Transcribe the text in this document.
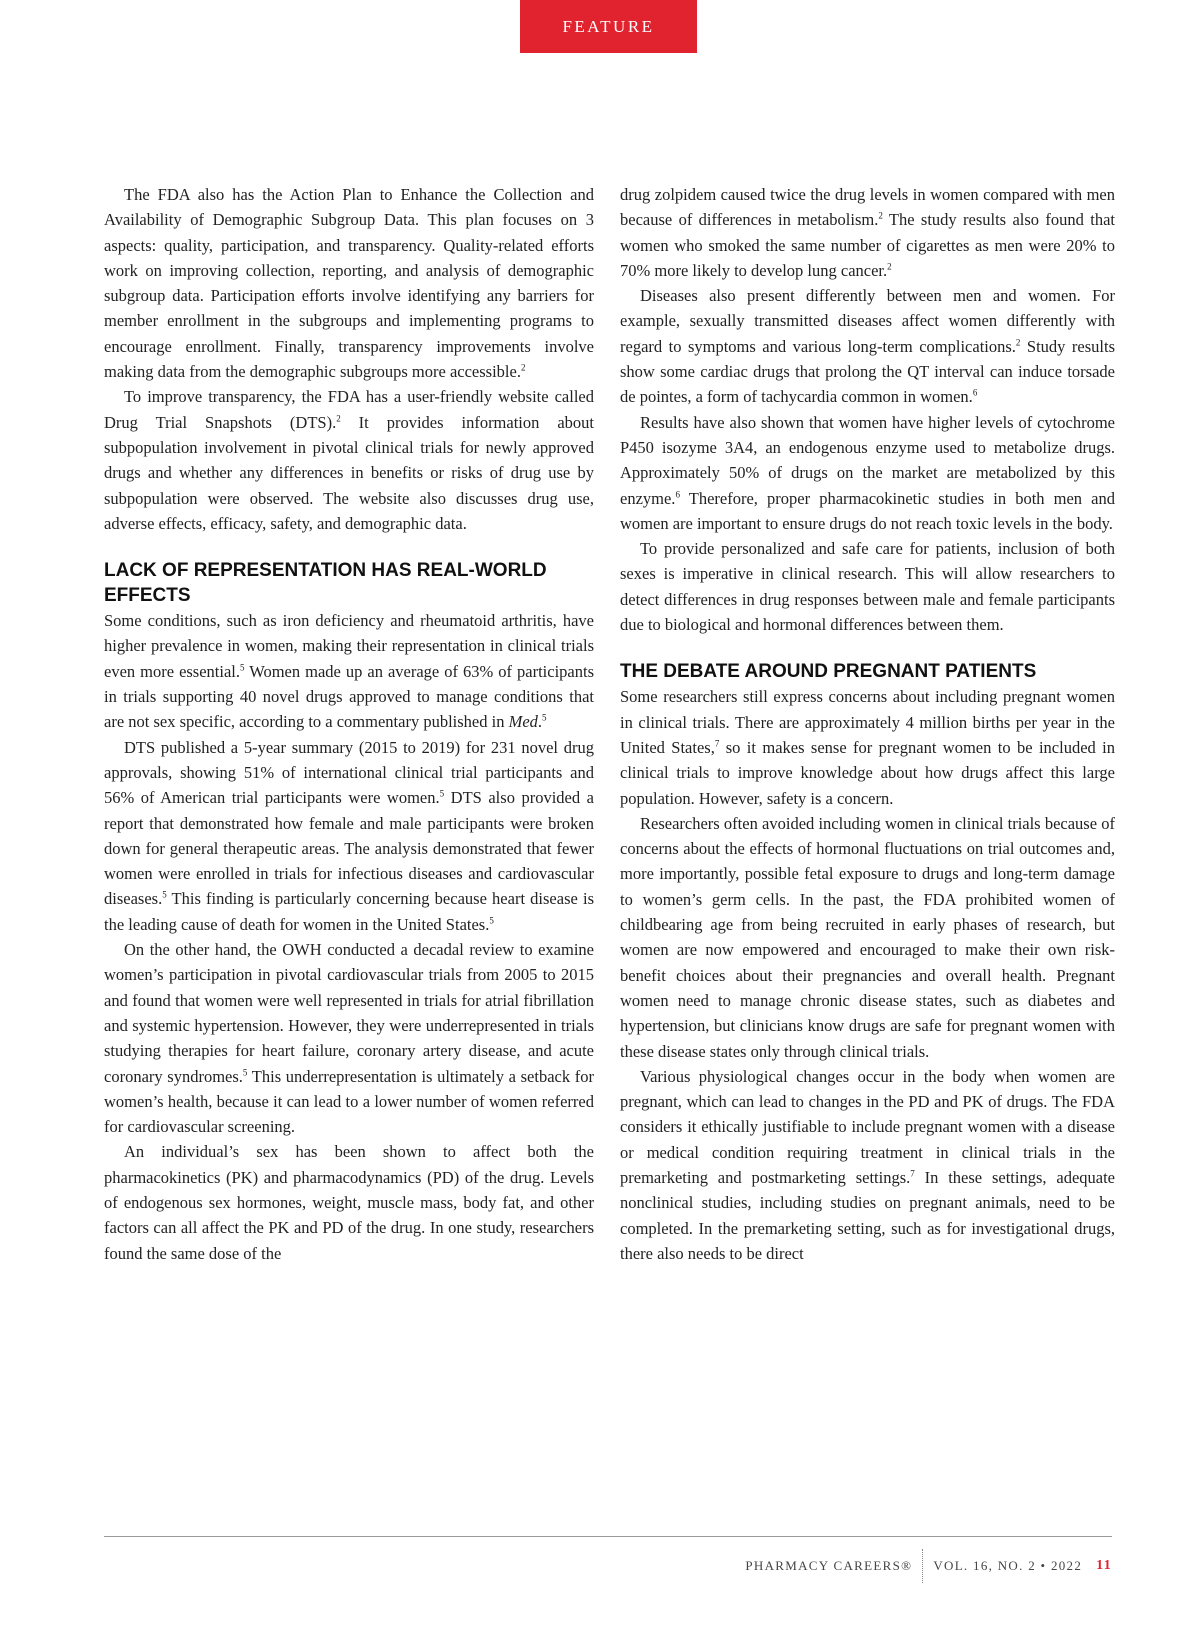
FEATURE

The FDA also has the Action Plan to Enhance the Collection and Availability of Demographic Subgroup Data. This plan focuses on 3 aspects: quality, participation, and transparency. Quality-related efforts work on improving collection, reporting, and analysis of demographic subgroup data. Participation efforts involve identifying any barriers for member enrollment in the subgroups and implementing programs to encourage enrollment. Finally, transparency improvements involve making data from the demographic subgroups more accessible.$^2$

To improve transparency, the FDA has a user-friendly website called Drug Trial Snapshots (DTS).$^2$ It provides information about subpopulation involvement in pivotal clinical trials for newly approved drugs and whether any differences in benefits or risks of drug use by subpopulation were observed. The website also discusses drug use, adverse effects, efficacy, safety, and demographic data.

LACK OF REPRESENTATION HAS REAL-WORLD EFFECTS

Some conditions, such as iron deficiency and rheumatoid arthritis, have higher prevalence in women, making their representation in clinical trials even more essential.$^5$ Women made up an average of 63% of participants in trials supporting 40 novel drugs approved to manage conditions that are not sex specific, according to a commentary published in Med.$^5$

DTS published a 5-year summary (2015 to 2019) for 231 novel drug approvals, showing 51% of international clinical trial participants and 56% of American trial participants were women.$^5$ DTS also provided a report that demonstrated how female and male participants were broken down for general therapeutic areas. The analysis demonstrated that fewer women were enrolled in trials for infectious diseases and cardiovascular diseases.$^5$ This finding is particularly concerning because heart disease is the leading cause of death for women in the United States.$^5$

On the other hand, the OWH conducted a decadal review to examine women’s participation in pivotal cardiovascular trials from 2005 to 2015 and found that women were well represented in trials for atrial fibrillation and systemic hypertension. However, they were underrepresented in trials studying therapies for heart failure, coronary artery disease, and acute coronary syndromes.$^5$ This underrepresentation is ultimately a setback for women’s health, because it can lead to a lower number of women referred for cardiovascular screening.

An individual’s sex has been shown to affect both the pharmacokinetics (PK) and pharmacodynamics (PD) of the drug. Levels of endogenous sex hormones, weight, muscle mass, body fat, and other factors can all affect the PK and PD of the drug. In one study, researchers found the same dose of the

drug zolpidem caused twice the drug levels in women compared with men because of differences in metabolism.$^2$ The study results also found that women who smoked the same number of cigarettes as men were 20% to 70% more likely to develop lung cancer.$^2$

Diseases also present differently between men and women. For example, sexually transmitted diseases affect women differently with regard to symptoms and various long-term complications.$^2$ Study results show some cardiac drugs that prolong the QT interval can induce torsade de pointes, a form of tachycardia common in women.$^6$

Results have also shown that women have higher levels of cytochrome P450 isozyme 3A4, an endogenous enzyme used to metabolize drugs. Approximately 50% of drugs on the market are metabolized by this enzyme.$^6$ Therefore, proper pharmacokinetic studies in both men and women are important to ensure drugs do not reach toxic levels in the body.

To provide personalized and safe care for patients, inclusion of both sexes is imperative in clinical research. This will allow researchers to detect differences in drug responses between male and female participants due to biological and hormonal differences between them.

THE DEBATE AROUND PREGNANT PATIENTS

Some researchers still express concerns about including pregnant women in clinical trials. There are approximately 4 million births per year in the United States,$^7$ so it makes sense for pregnant women to be included in clinical trials to improve knowledge about how drugs affect this large population. However, safety is a concern.

Researchers often avoided including women in clinical trials because of concerns about the effects of hormonal fluctuations on trial outcomes and, more importantly, possible fetal exposure to drugs and long-term damage to women’s germ cells. In the past, the FDA prohibited women of childbearing age from being recruited in early phases of research, but women are now empowered and encouraged to make their own risk-benefit choices about their pregnancies and overall health. Pregnant women need to manage chronic disease states, such as diabetes and hypertension, but clinicians know drugs are safe for pregnant women with these disease states only through clinical trials.

Various physiological changes occur in the body when women are pregnant, which can lead to changes in the PD and PK of drugs. The FDA considers it ethically justifiable to include pregnant women with a disease or medical condition requiring treatment in clinical trials in the premarketing and postmarketing settings.$^7$ In these settings, adequate nonclinical studies, including studies on pregnant animals, need to be completed. In the premarketing setting, such as for investigational drugs, there also needs to be direct

PHARMACY CAREERS® VOL. 16, NO. 2 • 2022 11
